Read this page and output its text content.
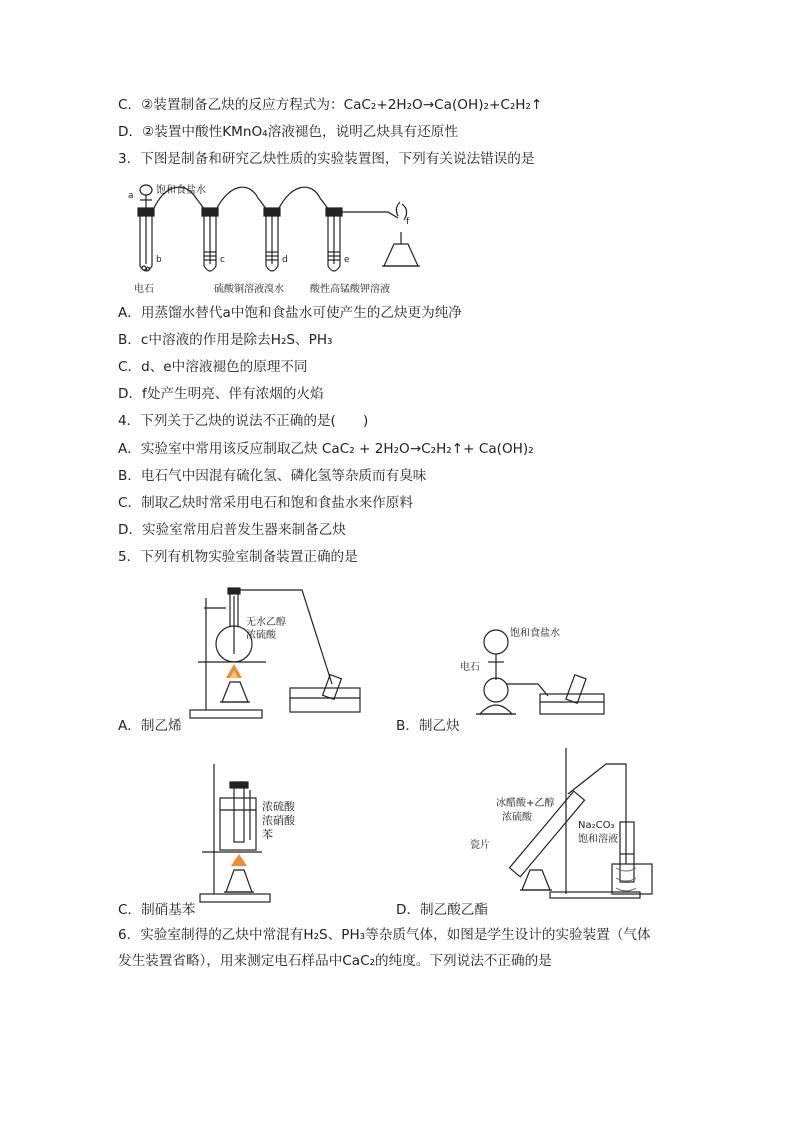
C．②装置制备乙炔的反应方程式为：CaC₂+2H₂O→Ca(OH)₂+C₂H₂↑
D．②装置中酸性KMnO₄溶液褪色，说明乙炔具有还原性
3．下图是制备和研究乙炔性质的实验装置图，下列有关说法错误的是
a 饱和食盐水
b	c	d	e
f
电石	硫酸铜溶液 溴水	酸性高锰酸钾溶液
A．用蒸馏水替代a中饱和食盐水可使产生的乙炔更为纯净
B．c中溶液的作用是除去H₂S、PH₃
C．d、e中溶液褪色的原理不同
D．f处产生明亮、伴有浓烟的火焰
4．下列关于乙炔的说法不正确的是(　　)
A．实验室中常用该反应制取乙炔 CaC₂ + 2H₂O→C₂H₂↑+ Ca(OH)₂
B．电石气中因混有硫化氢、磷化氢等杂质而有臭味
C．制取乙炔时常采用电石和饱和食盐水来作原料
D．实验室常用启普发生器来制备乙炔
5．下列有机物实验室制备装置正确的是
无水乙醇
浓硫酸
A．制乙烯
饱和食盐水
电石
B．制乙炔
浓硫酸
浓硝酸
苯
C．制硝基苯
冰醋酸+乙醇
浓硫酸
瓷片
Na₂CO₃
饱和溶液
D．制乙酸乙酯
6．实验室制得的乙炔中常混有H₂S、PH₃等杂质气体，如图是学生设计的实验装置（气体
发生装置省略），用来测定电石样品中CaC₂的纯度。下列说法不正确的是
